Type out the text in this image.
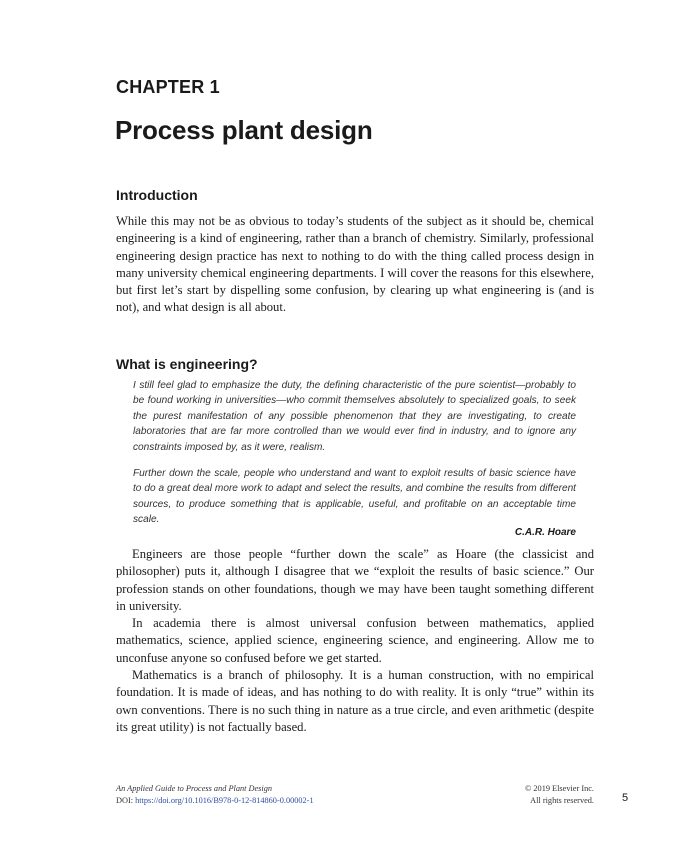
CHAPTER 1
Process plant design
Introduction

While this may not be as obvious to today’s students of the subject as it should be, chemical engineering is a kind of engineering, rather than a branch of chemistry. Similarly, professional engineering design practice has next to nothing to do with the thing called process design in many university chemical engineering departments. I will cover the reasons for this elsewhere, but first let’s start by dispelling some confusion, by clearing up what engineering is (and is not), and what design is all about.

What is engineering?

I still feel glad to emphasize the duty, the defining characteristic of the pure scientist—probably to be found working in universities—who commit themselves absolutely to specialized goals, to seek the purest manifestation of any possible phenomenon that they are investigating, to create laboratories that are far more controlled than we would ever find in industry, and to ignore any constraints imposed by, as it were, realism.

Further down the scale, people who understand and want to exploit results of basic science have to do a great deal more work to adapt and select the results, and combine the results from different sources, to produce something that is applicable, useful, and profitable on an acceptable time scale.

C.A.R. Hoare

Engineers are those people “further down the scale” as Hoare (the classicist and philosopher) puts it, although I disagree that we “exploit the results of basic science.” Our profession stands on other foundations, though we may have been taught something different in university.

In academia there is almost universal confusion between mathematics, applied mathematics, science, applied science, engineering science, and engineering. Allow me to unconfuse anyone so confused before we get started.

Mathematics is a branch of philosophy. It is a human construction, with no empirical foundation. It is made of ideas, and has nothing to do with reality. It is only “true” within its own conventions. There is no such thing in nature as a true circle, and even arithmetic (despite its great utility) is not factually based.

An Applied Guide to Process and Plant Design
DOI: https://doi.org/10.1016/B978-0-12-814860-0.00002-1
© 2019 Elsevier Inc.
All rights reserved.	5
